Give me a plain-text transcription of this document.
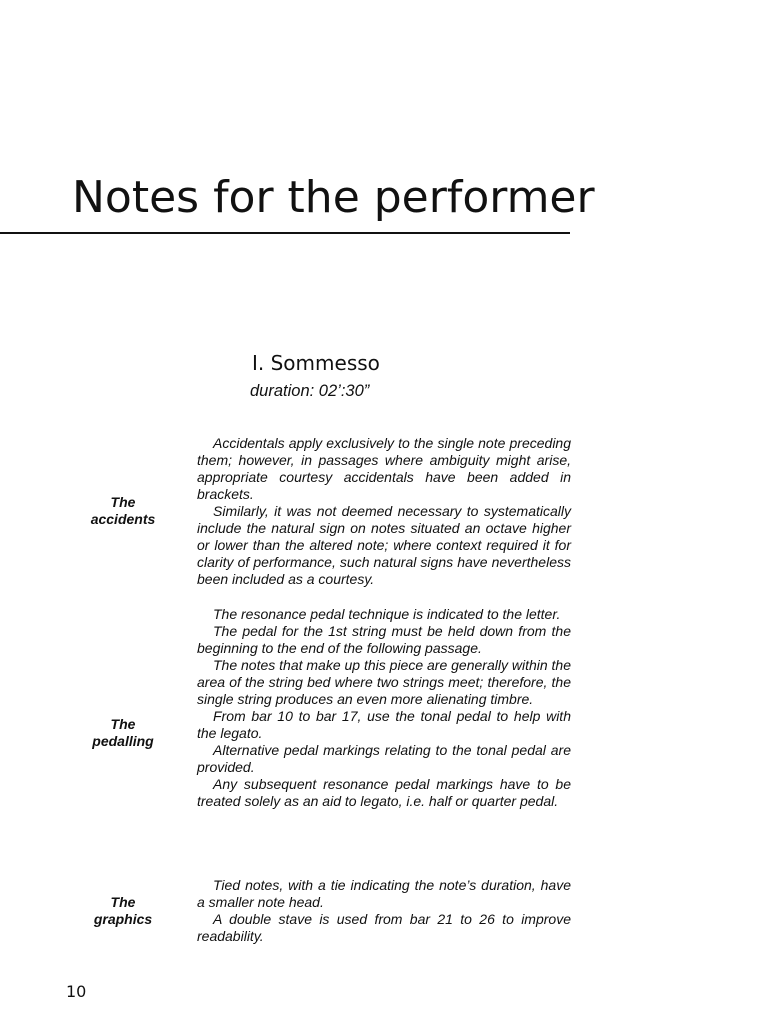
Notes for the performer
I. Sommesso
duration: 02’:30”
The
accidents

Accidentals apply exclusively to the single note preceding them; however, in passages where ambiguity might arise, appropriate courtesy accidentals have been added in brackets.

Similarly, it was not deemed necessary to systematically include the natural sign on notes situated an octave higher or lower than the altered note; where context required it for clarity of performance, such natural signs have nevertheless been included as a courtesy.

The
pedalling

The resonance pedal technique is indicated to the letter.

The pedal for the 1st string must be held down from the beginning to the end of the following passage.

The notes that make up this piece are generally within the area of the string bed where two strings meet; therefore, the single string produces an even more alienating timbre.

From bar 10 to bar 17, use the tonal pedal to help with the legato.

Alternative pedal markings relating to the tonal pedal are provided.

Any subsequent resonance pedal markings have to be treated solely as an aid to legato, i.e. half or quarter pedal.

The
graphics

Tied notes, with a tie indicating the note’s duration, have a smaller note head.

A double stave is used from bar 21 to 26 to improve readability.

10
